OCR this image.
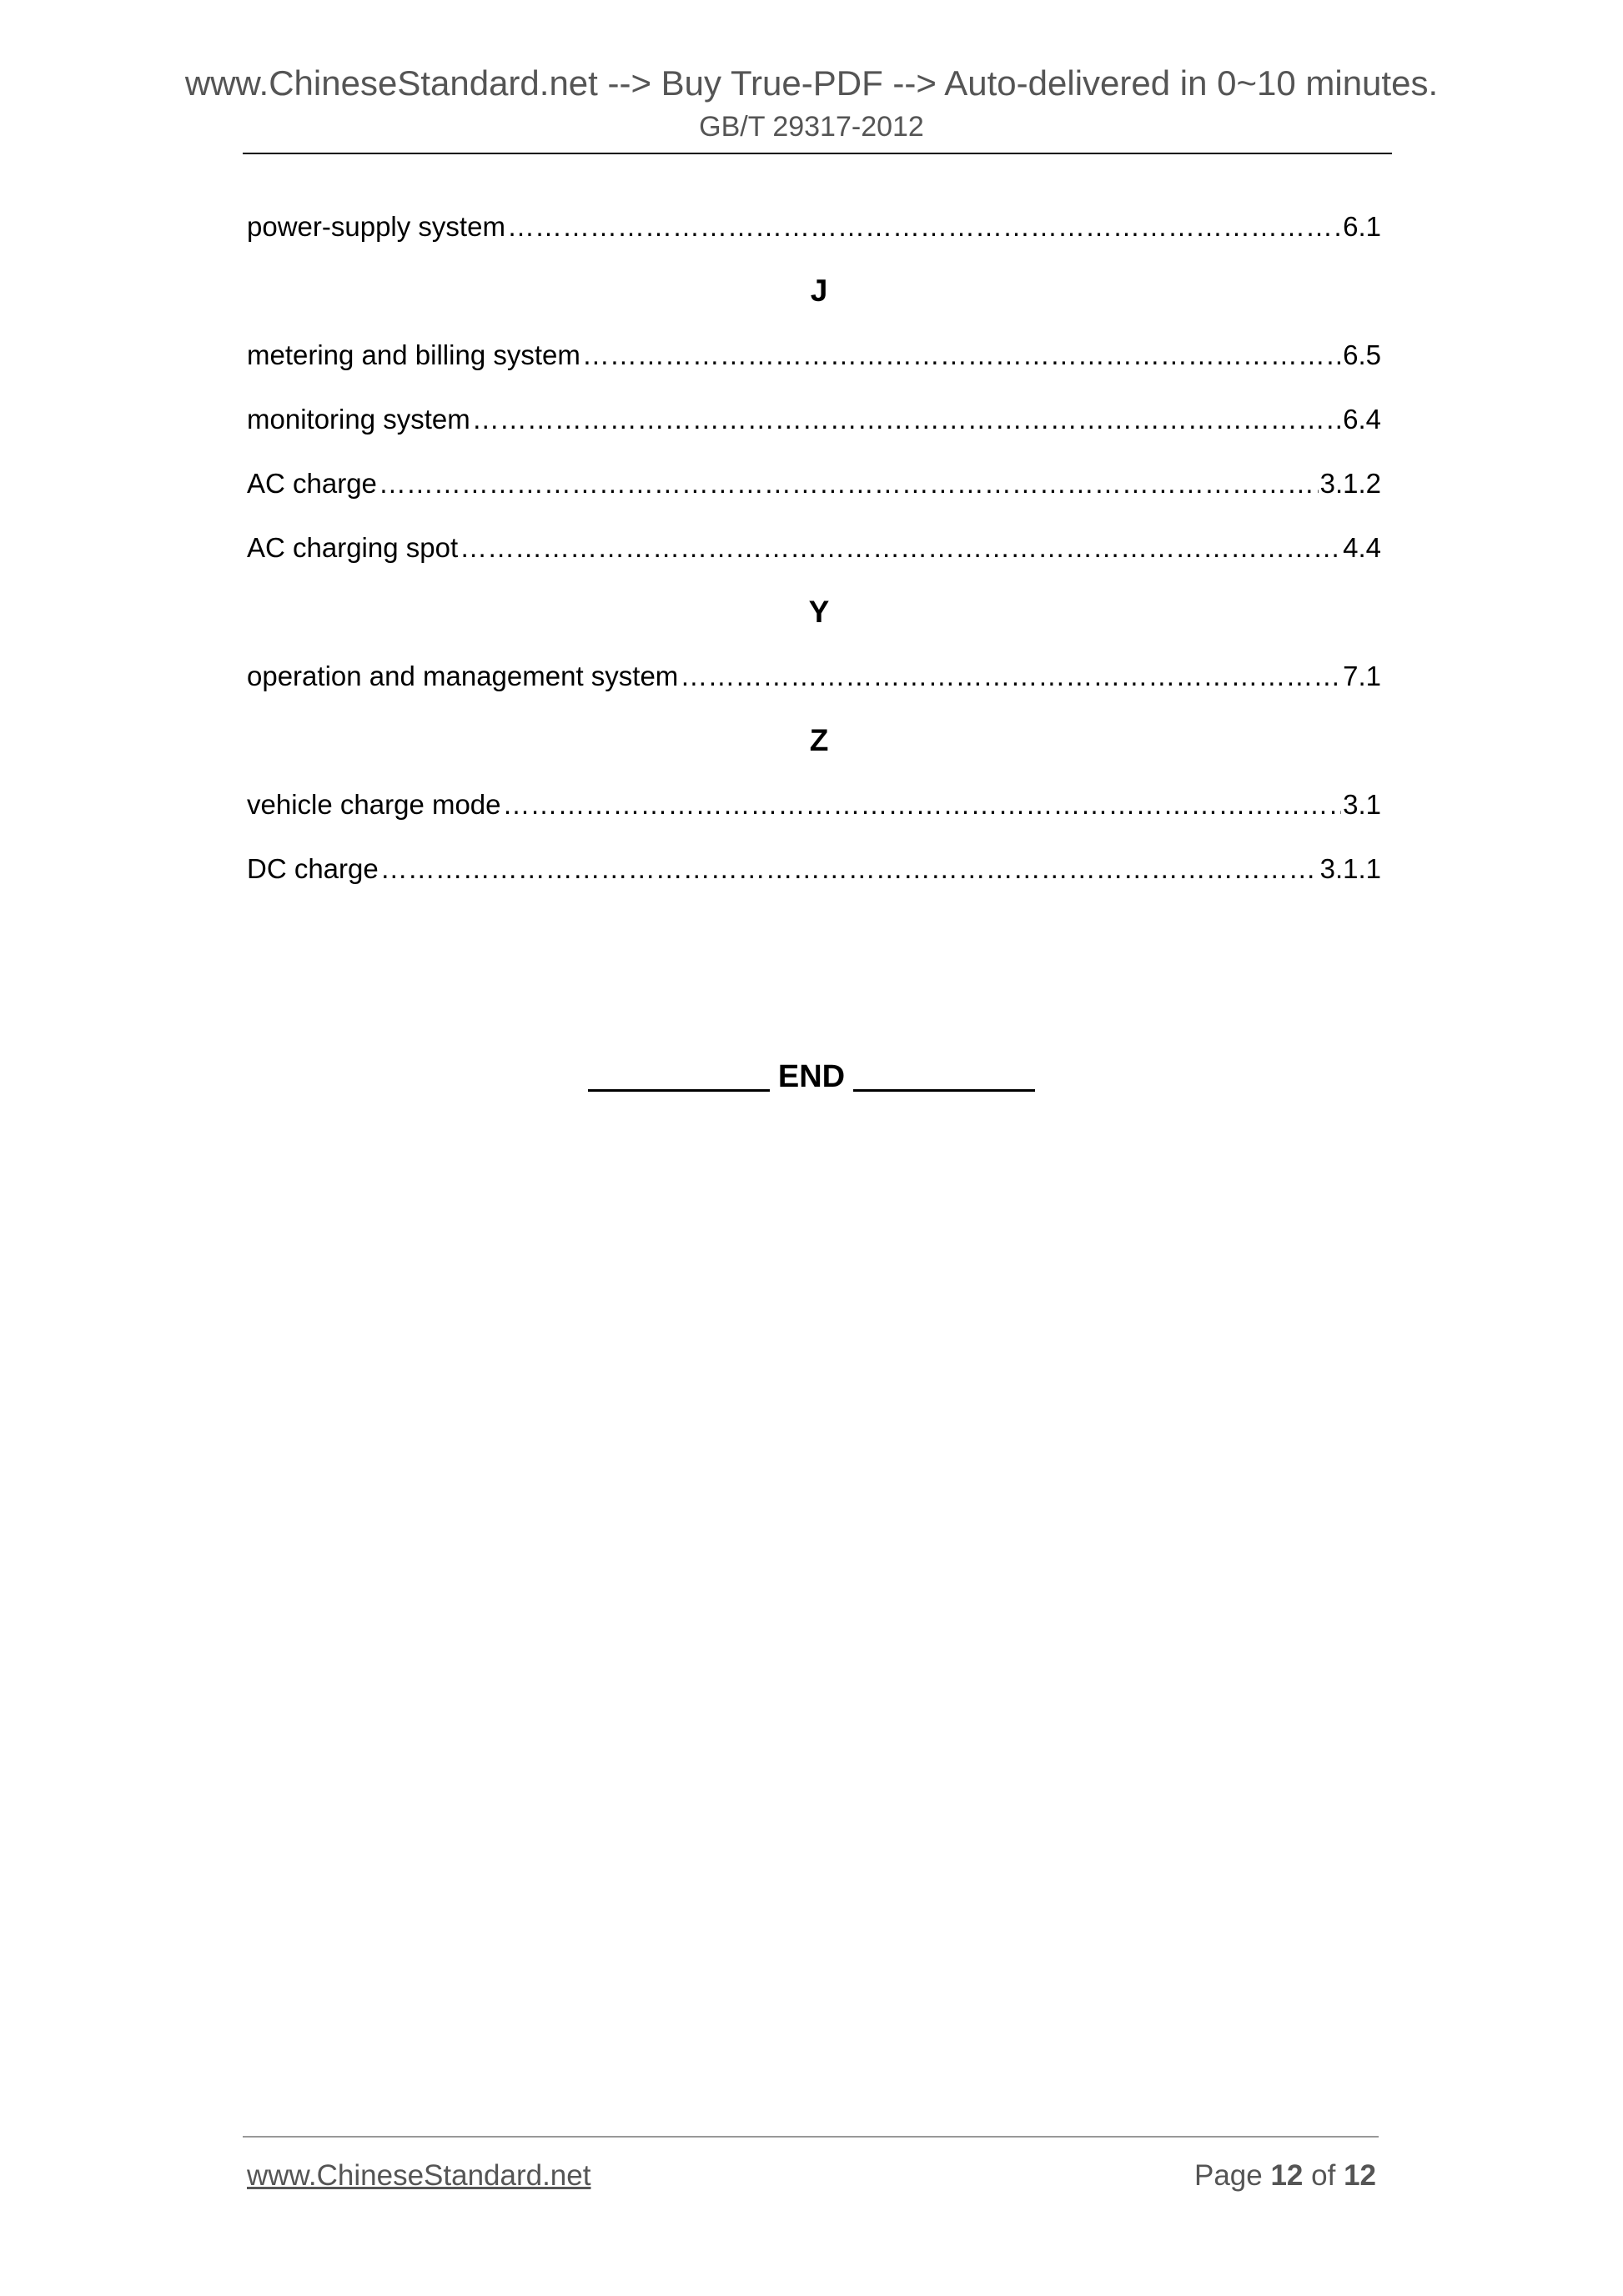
www.ChineseStandard.net --> Buy True-PDF --> Auto-delivered in 0~10 minutes.
GB/T 29317-2012
power-supply system ……………………………………………………………………………………………………………………………………………………………………………………………………………	6.1
J
metering and billing system ……………………………………………………………………………………………………………………………………………………………………………………………………………	6.5
monitoring system ……………………………………………………………………………………………………………………………………………………………………………………………………………	6.4
AC charge ……………………………………………………………………………………………………………………………………………………………………………………………………………	3.1.2
AC charging spot ……………………………………………………………………………………………………………………………………………………………………………………………………………	4.4
Y
operation and management system ……………………………………………………………………………………………………………………………………………………………………………………………………………	7.1
Z
vehicle charge mode ……………………………………………………………………………………………………………………………………………………………………………………………………………	3.1
DC charge ……………………………………………………………………………………………………………………………………………………………………………………………………………	3.1.1
END
www.ChineseStandard.net	Page 12 of 12
